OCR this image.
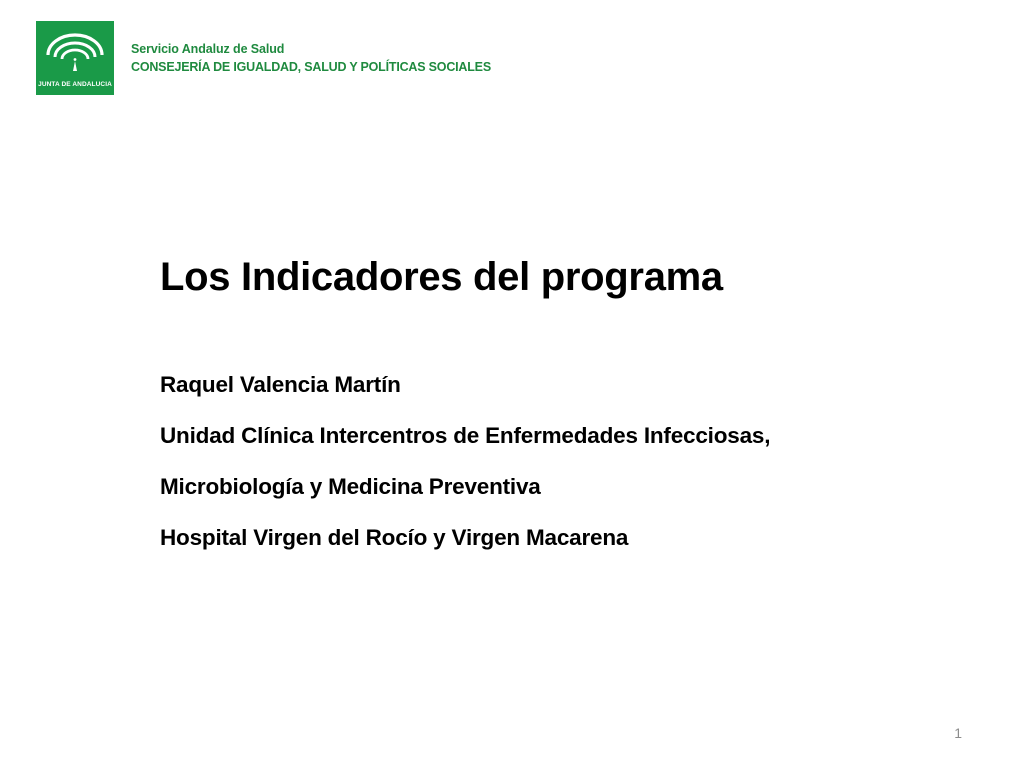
JUNTA DE ANDALUCIA
Servicio Andaluz de Salud
CONSEJERÍA DE IGUALDAD, SALUD Y POLÍTICAS SOCIALES
Los Indicadores del programa
Raquel Valencia Martín
Unidad Clínica Intercentros de Enfermedades Infecciosas,
Microbiología y Medicina Preventiva
Hospital Virgen del Rocío y Virgen Macarena
1
